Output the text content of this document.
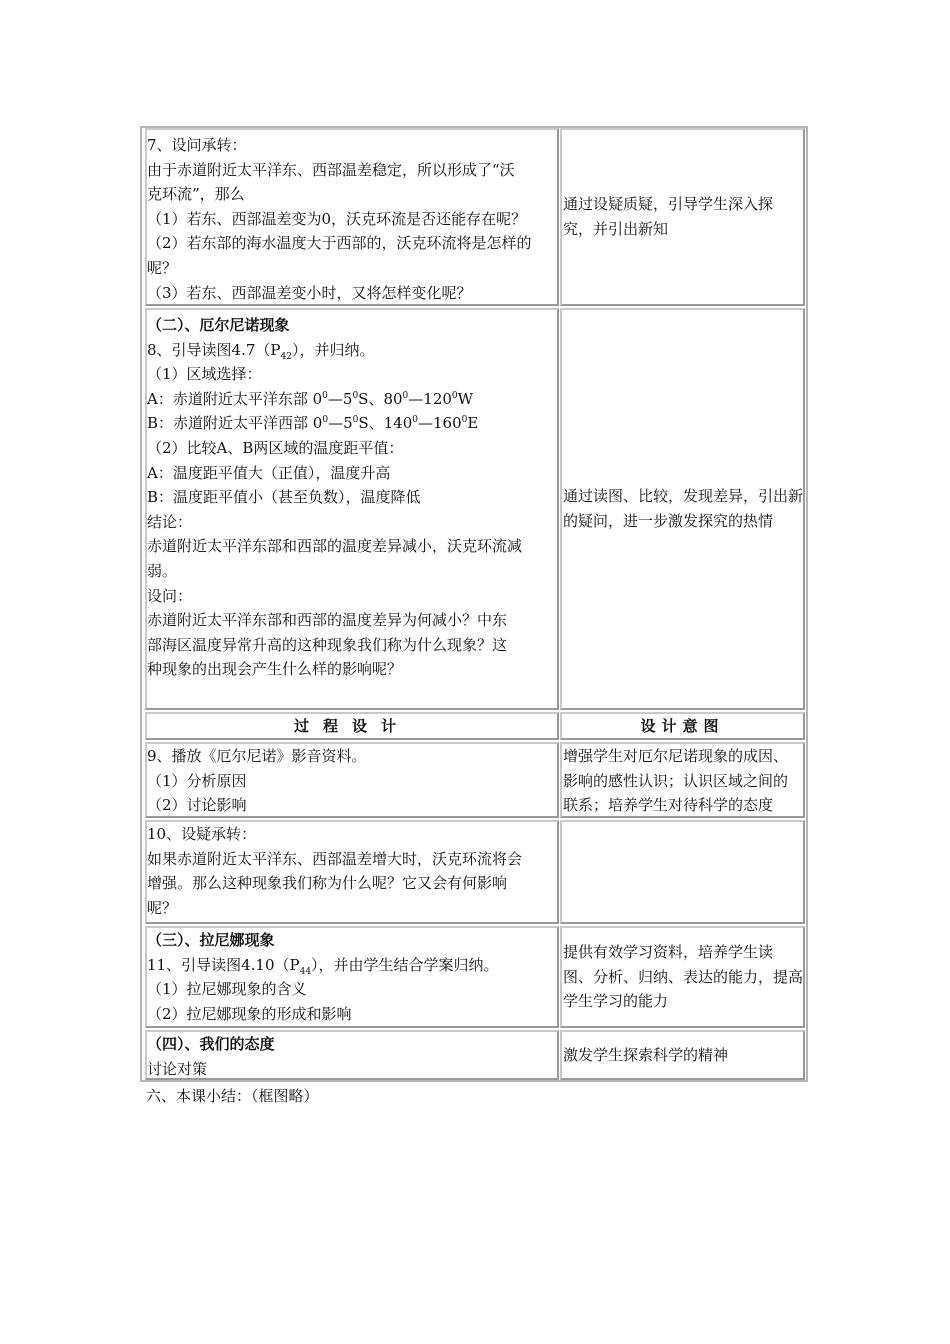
7、设问承转：
由于赤道附近太平洋东、西部温差稳定，所以形成了“沃
克环流”，那么
（1）若东、西部温差变为0，沃克环流是否还能存在呢？
（2）若东部的海水温度大于西部的，沃克环流将是怎样的
呢？
（3）若东、西部温差变小时，又将怎样变化呢？
通过设疑质疑，引导学生深入探
究，并引出新知
（二）、厄尔尼诺现象
8、引导读图$4.7(P_{42})$，并归纳。
（1）区域选择：
A：赤道附近太平洋东部 $0^0—5^0S$、$80^0—120^0W$
B：赤道附近太平洋西部 $0^0—5^0S$、$140^0—160^0E$
（2）比较A、B两区域的温度距平值：
A：温度距平值大（正值），温度升高
B：温度距平值小（甚至负数），温度降低
结论：
赤道附近太平洋东部和西部的温度差异减小，沃克环流减
弱。
设问：
赤道附近太平洋东部和西部的温度差异为何减小？中东
部海区温度异常升高的这种现象我们称为什么现象？这
种现象的出现会产生什么样的影响呢？
通过读图、比较，发现差异，引出新
的疑问，进一步激发探究的热情
过程设计	设计意图
9、播放《厄尔尼诺》影音资料。
（1）分析原因
（2）讨论影响
增强学生对厄尔尼诺现象的成因、
影响的感性认识；认识区域之间的
联系；培养学生对待科学的态度
10、设疑承转：
如果赤道附近太平洋东、西部温差增大时，沃克环流将会
增强。那么这种现象我们称为什么呢？它又会有何影响
呢？
（三）、拉尼娜现象
11、引导读图$4.10(P_{44})$，并由学生结合学案归纳。
（1）拉尼娜现象的含义
（2）拉尼娜现象的形成和影响
提供有效学习资料，培养学生读
图、分析、归纳、表达的能力，提高
学生学习的能力
（四）、我们的态度
讨论对策
激发学生探索科学的精神
六、本课小结：（框图略）
